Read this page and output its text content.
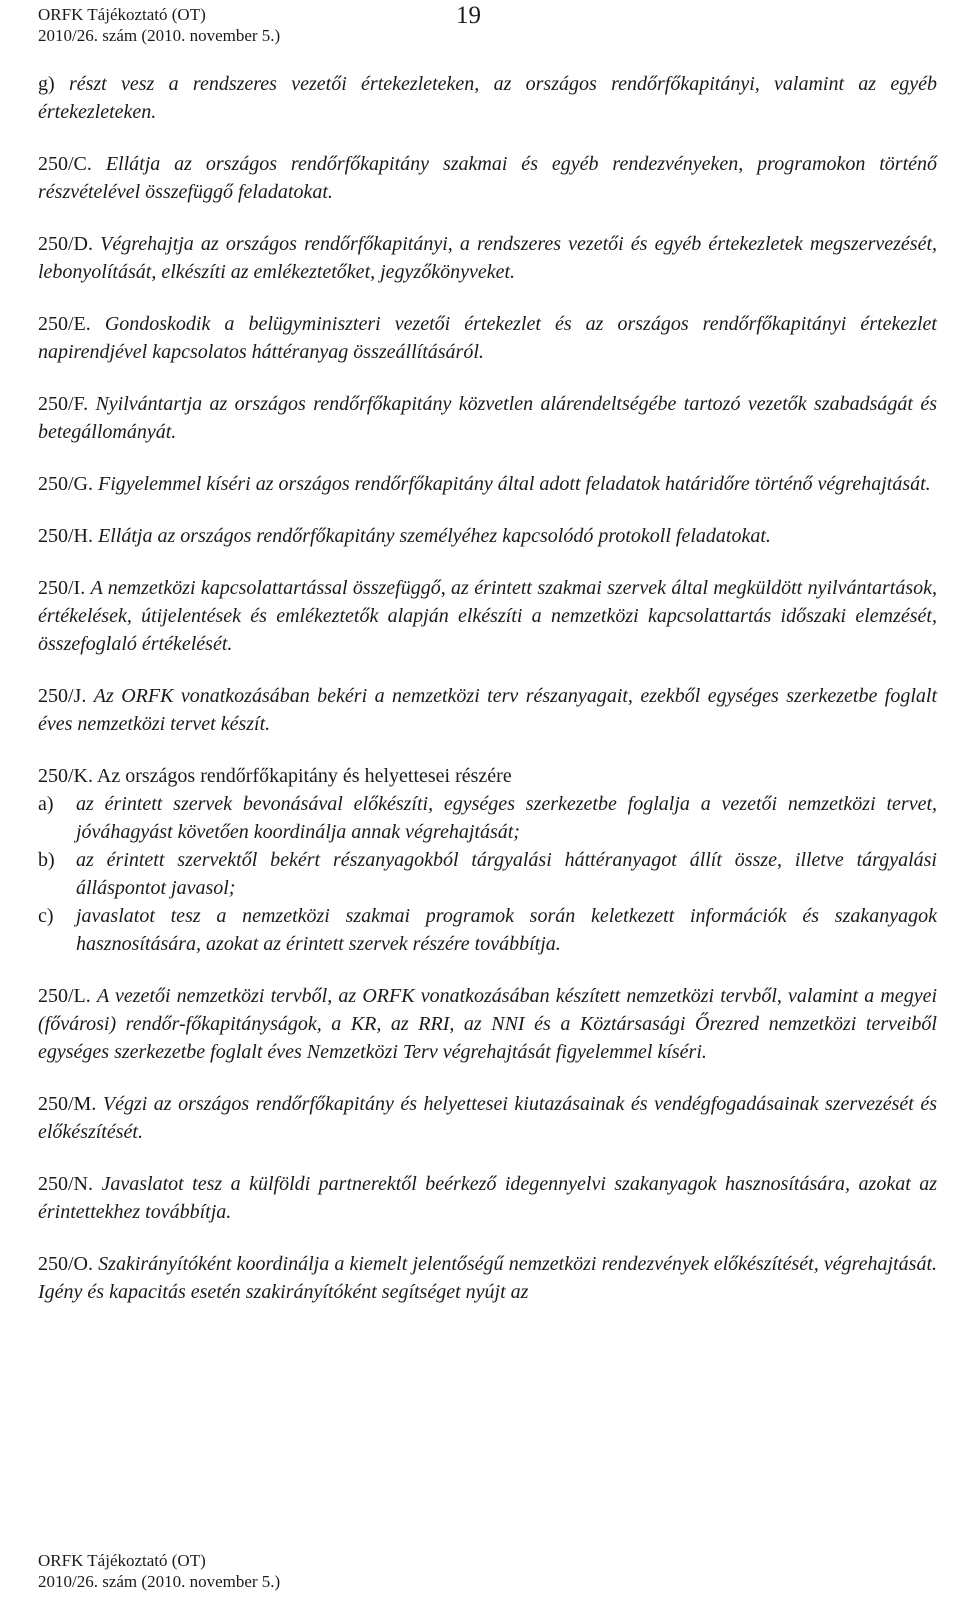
ORFK Tájékoztató (OT)
2010/26. szám (2010. november 5.)
19

g) részt vesz a rendszeres vezetői értekezleteken, az országos rendőrfőkapitányi, valamint az egyéb értekezleteken.

250/C. Ellátja az országos rendőrfőkapitány szakmai és egyéb rendezvényeken, programokon történő részvételével összefüggő feladatokat.

250/D. Végrehajtja az országos rendőrfőkapitányi, a rendszeres vezetői és egyéb értekezletek megszervezését, lebonyolítását, elkészíti az emlékeztetőket, jegyzőkönyveket.

250/E. Gondoskodik a belügyminiszteri vezetői értekezlet és az országos rendőrfőkapitányi értekezlet napirendjével kapcsolatos háttéranyag összeállításáról.

250/F. Nyilvántartja az országos rendőrfőkapitány közvetlen alárendeltségébe tartozó vezetők szabadságát és betegállományát.

250/G. Figyelemmel kíséri az országos rendőrfőkapitány által adott feladatok határidőre történő végrehajtását.

250/H. Ellátja az országos rendőrfőkapitány személyéhez kapcsolódó protokoll feladatokat.

250/I. A nemzetközi kapcsolattartással összefüggő, az érintett szakmai szervek által megküldött nyilvántartások, értékelések, útijelentések és emlékeztetők alapján elkészíti a nemzetközi kapcsolattartás időszaki elemzését, összefoglaló értékelését.

250/J. Az ORFK vonatkozásában bekéri a nemzetközi terv részanyagait, ezekből egységes szerkezetbe foglalt éves nemzetközi tervet készít.

250/K. Az országos rendőrfőkapitány és helyettesei részére

a)	az érintett szervek bevonásával előkészíti, egységes szerkezetbe foglalja a vezetői nemzetközi tervet, jóváhagyást követően koordinálja annak végrehajtását;
b)	az érintett szervektől bekért részanyagokból tárgyalási háttéranyagot állít össze, illetve tárgyalási álláspontot javasol;
c)	javaslatot tesz a nemzetközi szakmai programok során keletkezett információk és szakanyagok hasznosítására, azokat az érintett szervek részére továbbítja.

250/L. A vezetői nemzetközi tervből, az ORFK vonatkozásában készített nemzetközi tervből, valamint a megyei (fővárosi) rendőr-főkapitányságok, a KR, az RRI, az NNI és a Köztársasági Őrezred nemzetközi terveiből egységes szerkezetbe foglalt éves Nemzetközi Terv végrehajtását figyelemmel kíséri.

250/M. Végzi az országos rendőrfőkapitány és helyettesei kiutazásainak és vendégfogadásainak szervezését és előkészítését.

250/N. Javaslatot tesz a külföldi partnerektől beérkező idegennyelvi szakanyagok hasznosítására, azokat az érintettekhez továbbítja.

250/O. Szakirányítóként koordinálja a kiemelt jelentőségű nemzetközi rendezvények előkészítését, végrehajtását. Igény és kapacitás esetén szakirányítóként segítséget nyújt az

ORFK Tájékoztató (OT)
2010/26. szám (2010. november 5.)
